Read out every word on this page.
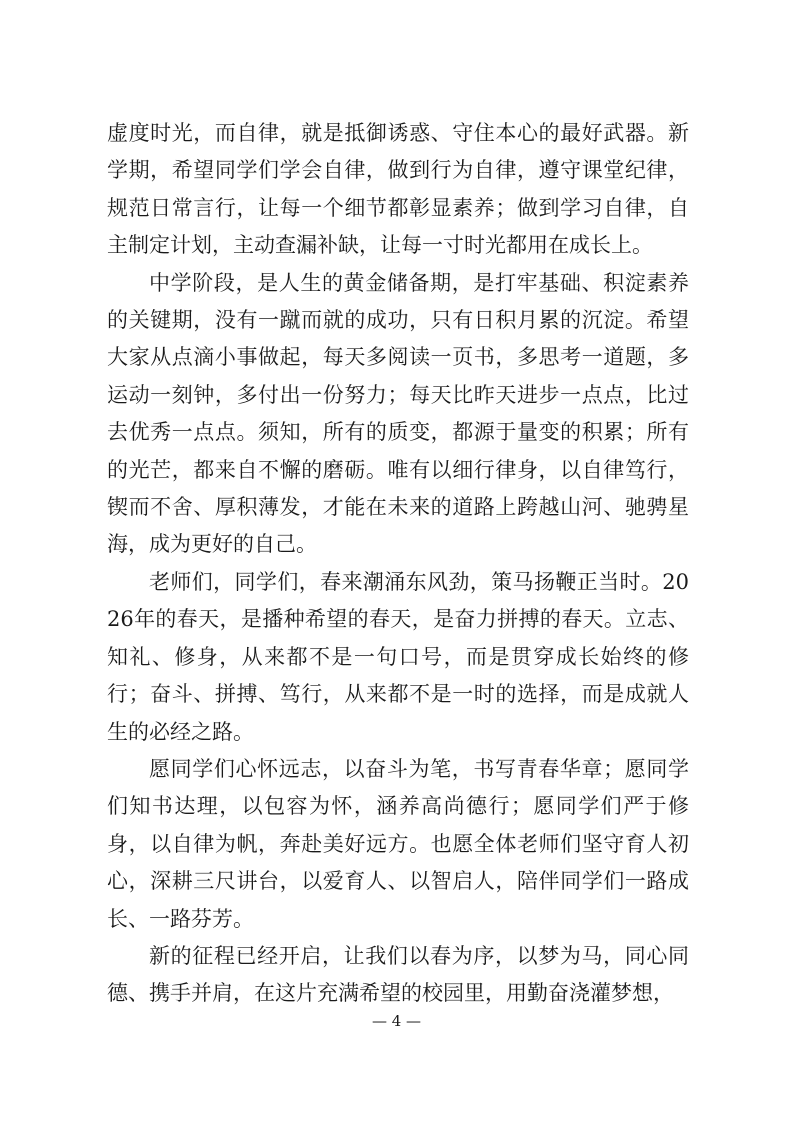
虚度时光，而自律，就是抵御诱惑、守住本心的最好武器。新学期，希望同学们学会自律，做到行为自律，遵守课堂纪律，规范日常言行，让每一个细节都彰显素养；做到学习自律，自主制定计划，主动查漏补缺，让每一寸时光都用在成长上。

中学阶段，是人生的黄金储备期，是打牢基础、积淀素养的关键期，没有一蹴而就的成功，只有日积月累的沉淀。希望大家从点滴小事做起，每天多阅读一页书，多思考一道题，多运动一刻钟，多付出一份努力；每天比昨天进步一点点，比过去优秀一点点。须知，所有的质变，都源于量变的积累；所有的光芒，都来自不懈的磨砺。唯有以细行律身，以自律笃行，锲而不舍、厚积薄发，才能在未来的道路上跨越山河、驰骋星海，成为更好的自己。

老师们，同学们，春来潮涌东风劲，策马扬鞭正当时。2026年的春天，是播种希望的春天，是奋力拼搏的春天。立志、知礼、修身，从来都不是一句口号，而是贯穿成长始终的修行；奋斗、拼搏、笃行，从来都不是一时的选择，而是成就人生的必经之路。

愿同学们心怀远志，以奋斗为笔，书写青春华章；愿同学们知书达理，以包容为怀，涵养高尚德行；愿同学们严于修身，以自律为帆，奔赴美好远方。也愿全体老师们坚守育人初心，深耕三尺讲台，以爱育人、以智启人，陪伴同学们一路成长、一路芬芳。

新的征程已经开启，让我们以春为序，以梦为马，同心同德、携手并肩，在这片充满希望的校园里，用勤奋浇灌梦想，

— 4 —
